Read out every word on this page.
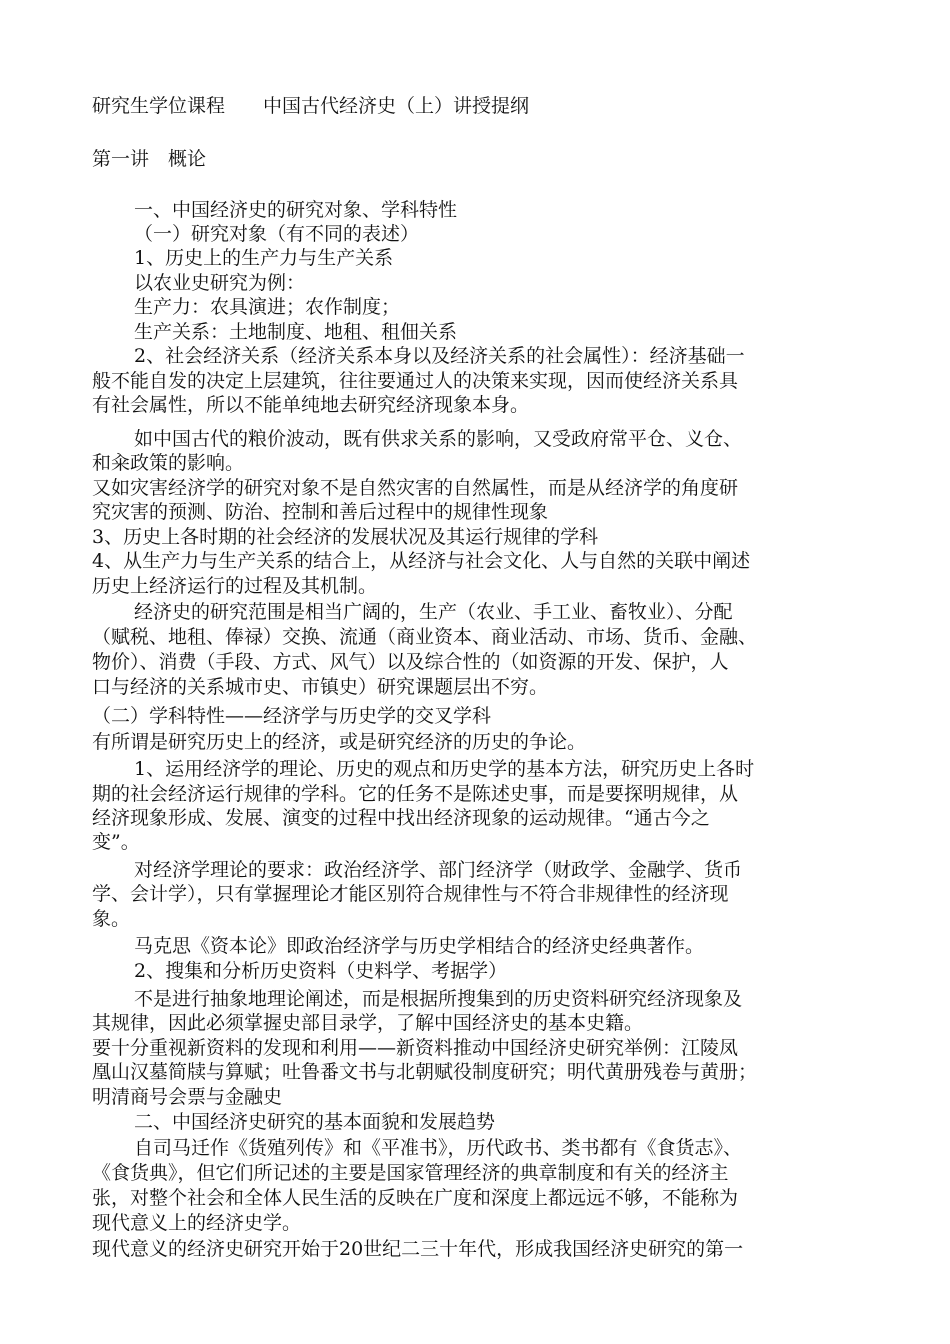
研究生学位课程　　中国古代经济史（上）讲授提纲
第一讲　概论
一、中国经济史的研究对象、学科特性
（一）研究对象（有不同的表述）
1、历史上的生产力与生产关系
以农业史研究为例：
生产力：农具演进；农作制度；
生产关系：土地制度、地租、租佃关系
2、社会经济关系（经济关系本身以及经济关系的社会属性）：经济基础一
般不能自发的决定上层建筑，往往要通过人的决策来实现，因而使经济关系具
有社会属性，所以不能单纯地去研究经济现象本身。
如中国古代的粮价波动，既有供求关系的影响，又受政府常平仓、义仓、
和籴政策的影响。
又如灾害经济学的研究对象不是自然灾害的自然属性，而是从经济学的角度研
究灾害的预测、防治、控制和善后过程中的规律性现象
3、历史上各时期的社会经济的发展状况及其运行规律的学科
4、从生产力与生产关系的结合上，从经济与社会文化、人与自然的关联中阐述
历史上经济运行的过程及其机制。
经济史的研究范围是相当广阔的，生产（农业、手工业、畜牧业）、分配
（赋税、地租、俸禄）交换、流通（商业资本、商业活动、市场、货币、金融、
物价）、消费（手段、方式、风气）以及综合性的（如资源的开发、保护，人
口与经济的关系城市史、市镇史）研究课题层出不穷。
（二）学科特性——经济学与历史学的交叉学科
有所谓是研究历史上的经济，或是研究经济的历史的争论。
1、运用经济学的理论、历史的观点和历史学的基本方法，研究历史上各时
期的社会经济运行规律的学科。它的任务不是陈述史事，而是要探明规律，从
经济现象形成、发展、演变的过程中找出经济现象的运动规律。“通古今之
变”。
对经济学理论的要求：政治经济学、部门经济学（财政学、金融学、货币
学、会计学），只有掌握理论才能区别符合规律性与不符合非规律性的经济现
象。
马克思《资本论》即政治经济学与历史学相结合的经济史经典著作。
2、搜集和分析历史资料（史料学、考据学）
不是进行抽象地理论阐述，而是根据所搜集到的历史资料研究经济现象及
其规律，因此必须掌握史部目录学，了解中国经济史的基本史籍。
要十分重视新资料的发现和利用——新资料推动中国经济史研究举例：江陵凤
凰山汉墓简牍与算赋；吐鲁番文书与北朝赋役制度研究；明代黄册残卷与黄册；
明清商号会票与金融史
二、中国经济史研究的基本面貌和发展趋势
自司马迁作《货殖列传》和《平准书》，历代政书、类书都有《食货志》、
《食货典》，但它们所记述的主要是国家管理经济的典章制度和有关的经济主
张，对整个社会和全体人民生活的反映在广度和深度上都远远不够，不能称为
现代意义上的经济史学。
现代意义的经济史研究开始于20世纪二三十年代，形成我国经济史研究的第一
